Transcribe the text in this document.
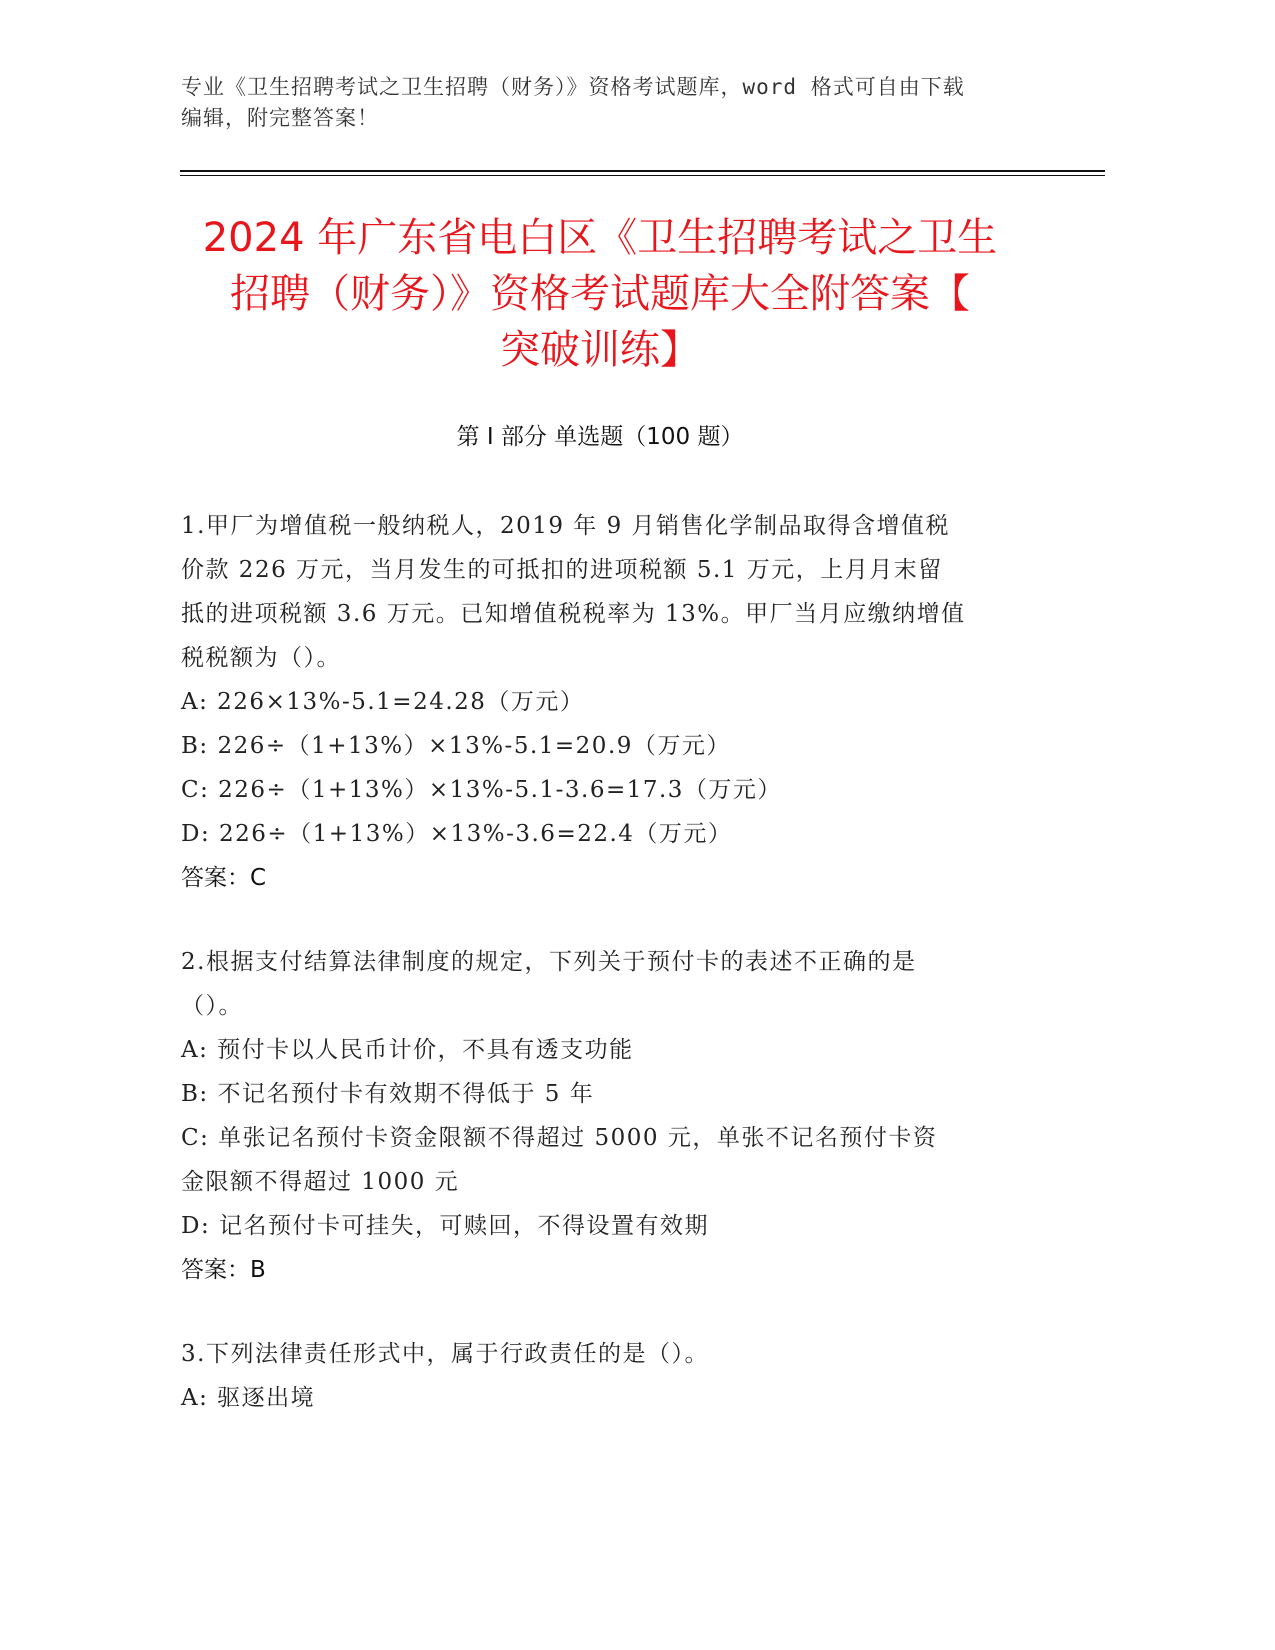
专业《卫生招聘考试之卫生招聘（财务）》资格考试题库，word 格式可自由下载
编辑，附完整答案！
2024 年广东省电白区《卫生招聘考试之卫生
招聘（财务）》资格考试题库大全附答案【
突破训练】
第 I 部分 单选题（100 题）

1.甲厂为增值税一般纳税人，2019 年 9 月销售化学制品取得含增值税

价款 226 万元，当月发生的可抵扣的进项税额 5.1 万元，上月月末留

抵的进项税额 3.6 万元。已知增值税税率为 13%。甲厂当月应缴纳增值

税税额为（）。

A: 226×13%-5.1=24.28（万元）

B: 226÷（1+13%）×13%-5.1=20.9（万元）

C: 226÷（1+13%）×13%-5.1-3.6=17.3（万元）

D: 226÷（1+13%）×13%-3.6=22.4（万元）

答案：C

2.根据支付结算法律制度的规定，下列关于预付卡的表述不正确的是

（）。

A: 预付卡以人民币计价，不具有透支功能

B: 不记名预付卡有效期不得低于 5 年

C: 单张记名预付卡资金限额不得超过 5000 元，单张不记名预付卡资

金限额不得超过 1000 元

D: 记名预付卡可挂失，可赎回，不得设置有效期

答案：B

3.下列法律责任形式中，属于行政责任的是（）。

A: 驱逐出境
